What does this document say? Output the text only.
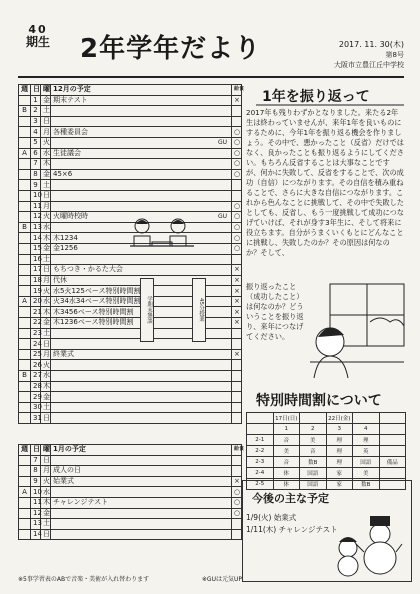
40
期生	2年学年だより	2017. 11. 30(木)
第8号
大阪市立豊江丘中学校
週	日	曜	12月の予定	給食
	1	金	期末テスト	×
B	2	土		
	3	日		
	4	月	各種委員会	○
	5	火	GU	○
A	6	水	生徒議会	○
	7	木		○
	8	金	45×6	○
	9	土		
	10	日		
	11	月		○
	12	火	火曜時校時 GU	○
B	13	水		○
	14	木	木1234	○
	15	金	金1256	○
	16	土		
	17	日	もちつき・かるた大会	×
	18	月	代休	×
	19	火	水5火125ベース特別時間割	×
A	20	水	火34水34ベース特別時間割	×
	21	木	木3456ベース特別時間割	×
	22	金	木1236ベース特別時間割	×
	23	土		
	24	日		
	25	月	終業式	×
	26	火		
B	27	水		
	28	木		
	29	金		
	30	土		
	31	日		
週	日	曜	1月の予定	給食
	7	日		
	8	月	成人の日	
	9	火	始業式	×
A	10	水		○
	11	木	チャレンジテスト	○
	12	金		○
	13	土		
	14	日		
学期末懇談	45分授業
※5事学習表のABで音楽・美術が入れ替わります	※GUは元気UP
1年を振り返って
2017年も残りわずかとなりました。来たる2年生は終わっていませんが、来年1年を良いものにするために、今年1年を振り返る機会を作りましょう。その中で、悪かったこと（反省）だけではなく、良かったことも振り返るようにしてください。もちろん反省することは大事なことですが、何かに失敗して、反省をすることで、次の成功（自信）につながります。その自信を積み重ねることで、さらに大きな自信につながります。これから色んなことに挑戦して、その中で失敗したとしても、反省し、もう一度挑戦して成功につなげていけば、それが身す3年生に、そして将来に役立ちます。自分がうまくいくもとにどんなことに挑戦し、失敗したのか？その原因は何なのか？そして、
振り返ったこと（成功したこと）は何なのか？どういうことを振り返り、来年につなげてください。
特別時間割について
	17日(日)		22日(金)		
	1	2	3	4	
2-1	音	美	理	理	
2-2	美	音	理	英	
2-3	音	数B	理	国語	備品
2-4	体	国語	家	美	
2-5	体	国語	家	数B	
今後の主な予定
1/9(火) 始業式
1/11(木) チャレンジテスト
